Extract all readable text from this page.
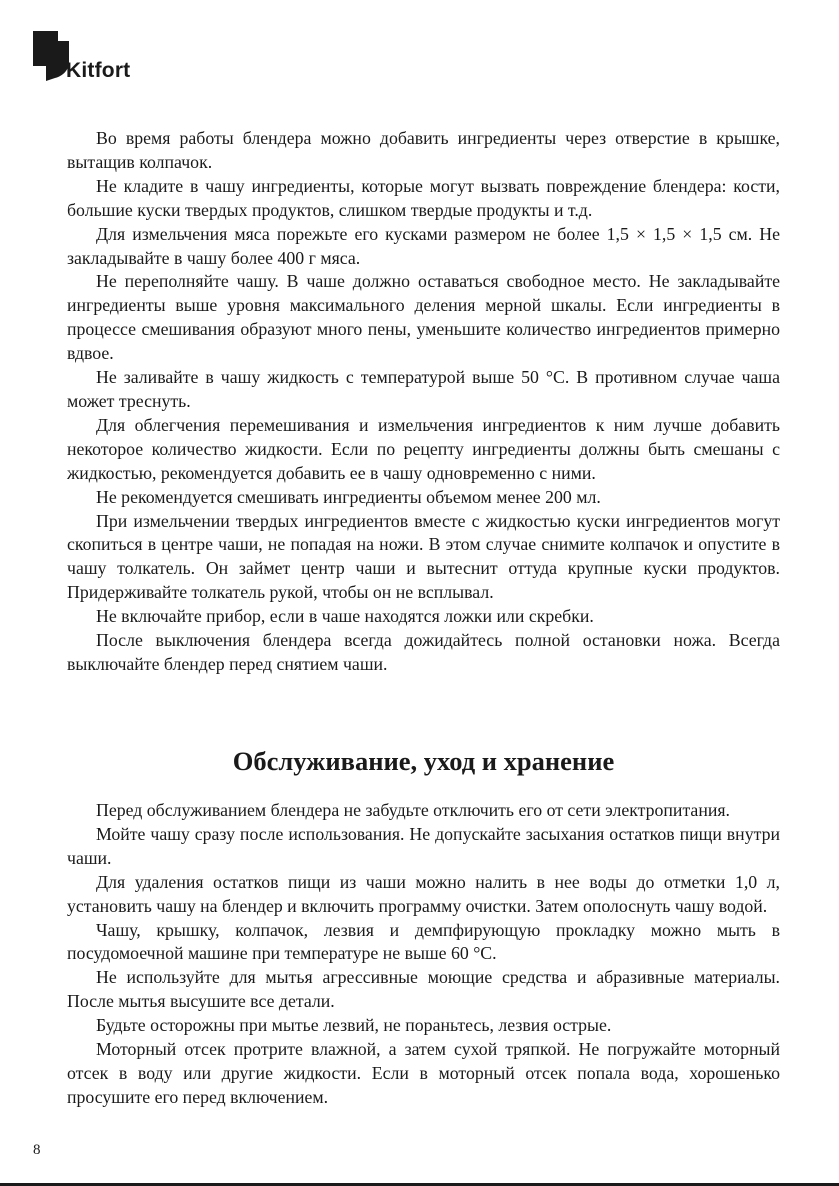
Kitfort

Во время работы блендера можно добавить ингредиенты через отверстие в крышке, вытащив колпачок.

Не кладите в чашу ингредиенты, которые могут вызвать повреждение блендера: кости, большие куски твердых продуктов, слишком твердые продукты и т.д.

Для измельчения мяса порежьте его кусками размером не более 1,5 × 1,5 × 1,5 см. Не закладывайте в чашу более 400 г мяса.

Не переполняйте чашу. В чаше должно оставаться свободное место. Не закладывайте ингредиенты выше уровня максимального деления мерной шкалы. Если ингредиенты в процессе смешивания образуют много пены, уменьшите количество ингредиентов примерно вдвое.

Не заливайте в чашу жидкость с температурой выше 50 °C. В противном случае чаша может треснуть.

Для облегчения перемешивания и измельчения ингредиентов к ним лучше добавить некоторое количество жидкости. Если по рецепту ингредиенты должны быть смешаны с жидкостью, рекомендуется добавить ее в чашу одновременно с ними.

Не рекомендуется смешивать ингредиенты объемом менее 200 мл.

При измельчении твердых ингредиентов вместе с жидкостью куски ингредиентов могут скопиться в центре чаши, не попадая на ножи. В этом случае снимите колпачок и опустите в чашу толкатель. Он займет центр чаши и вытеснит оттуда крупные куски продуктов. Придерживайте толкатель рукой, чтобы он не всплывал.

Не включайте прибор, если в чаше находятся ложки или скребки.

После выключения блендера всегда дожидайтесь полной остановки ножа. Всегда выключайте блендер перед снятием чаши.

Обслуживание, уход и хранение

Перед обслуживанием блендера не забудьте отключить его от сети электропитания.

Мойте чашу сразу после использования. Не допускайте засыхания остатков пищи внутри чаши.

Для удаления остатков пищи из чаши можно налить в нее воды до отметки 1,0 л, установить чашу на блендер и включить программу очистки. Затем ополоснуть чашу водой.

Чашу, крышку, колпачок, лезвия и демпфирующую прокладку можно мыть в посудомоечной машине при температуре не выше 60 °C.

Не используйте для мытья агрессивные моющие средства и абразивные материалы. После мытья высушите все детали.

Будьте осторожны при мытье лезвий, не пораньтесь, лезвия острые.

Моторный отсек протрите влажной, а затем сухой тряпкой. Не погружайте моторный отсек в воду или другие жидкости. Если в моторный отсек попала вода, хорошенько просушите его перед включением.

8
